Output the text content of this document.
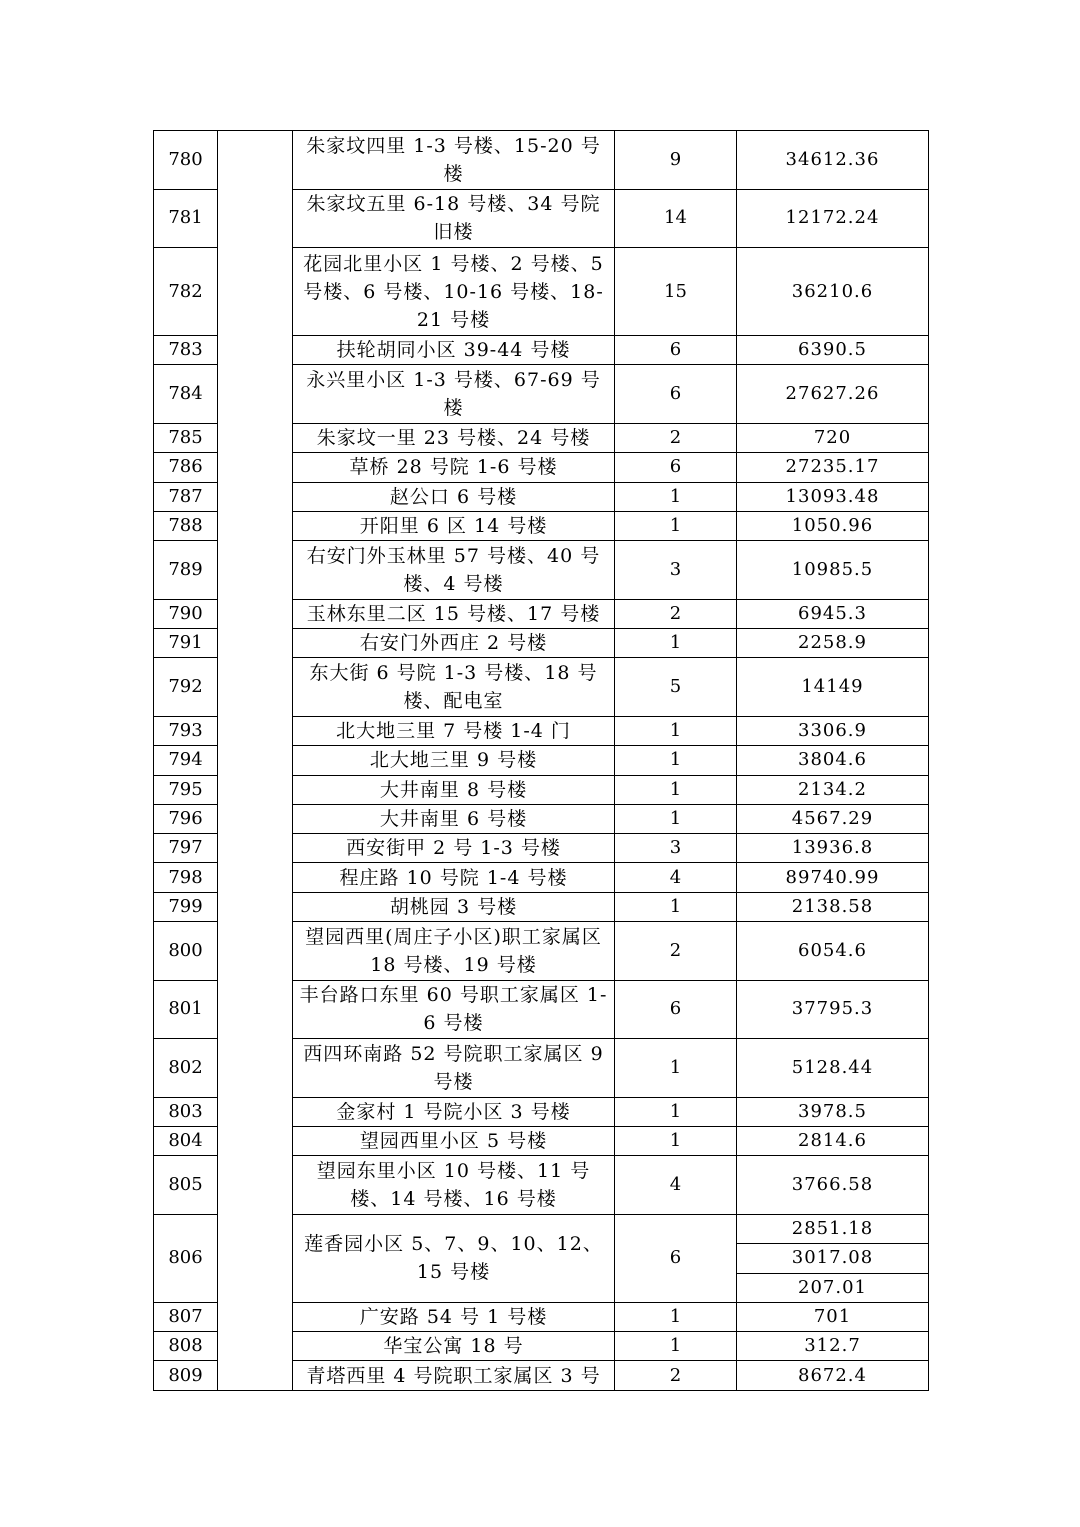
780		朱家坟四里 1-3 号楼、15-20 号楼	9	34612.36
781		朱家坟五里 6-18 号楼、34 号院旧楼	14	12172.24
782		花园北里小区 1 号楼、2 号楼、5 号楼、6 号楼、10-16 号楼、18-21 号楼	15	36210.6
783		扶轮胡同小区 39-44 号楼	6	6390.5
784		永兴里小区 1-3 号楼、67-69 号楼	6	27627.26
785		朱家坟一里 23 号楼、24 号楼	2	720
786		草桥 28 号院 1-6 号楼	6	27235.17
787		赵公口 6 号楼	1	13093.48
788		开阳里 6 区 14 号楼	1	1050.96
789		右安门外玉林里 57 号楼、40 号楼、4 号楼	3	10985.5
790		玉林东里二区 15 号楼、17 号楼	2	6945.3
791		右安门外西庄 2 号楼	1	2258.9
792		东大街 6 号院 1-3 号楼、18 号楼、配电室	5	14149
793		北大地三里 7 号楼 1-4 门	1	3306.9
794		北大地三里 9 号楼	1	3804.6
795		大井南里 8 号楼	1	2134.2
796		大井南里 6 号楼	1	4567.29
797		西安街甲 2 号 1-3 号楼	3	13936.8
798		程庄路 10 号院 1-4 号楼	4	89740.99
799		胡桃园 3 号楼	1	2138.58
800		望园西里(周庄子小区)职工家属区 18 号楼、19 号楼	2	6054.6
801		丰台路口东里 60 号职工家属区 1-6 号楼	6	37795.3
802		西四环南路 52 号院职工家属区 9 号楼	1	5128.44
803		金家村 1 号院小区 3 号楼	1	3978.5
804		望园西里小区 5 号楼	1	2814.6
805		望园东里小区 10 号楼、11 号楼、14 号楼、16 号楼	4	3766.58
806		莲香园小区 5、7、9、10、12、15 号楼	6	2851.18
				3017.08
				207.01
807		广安路 54 号 1 号楼	1	701
808		华宝公寓 18 号	1	312.7
809		青塔西里 4 号院职工家属区 3 号	2	8672.4
